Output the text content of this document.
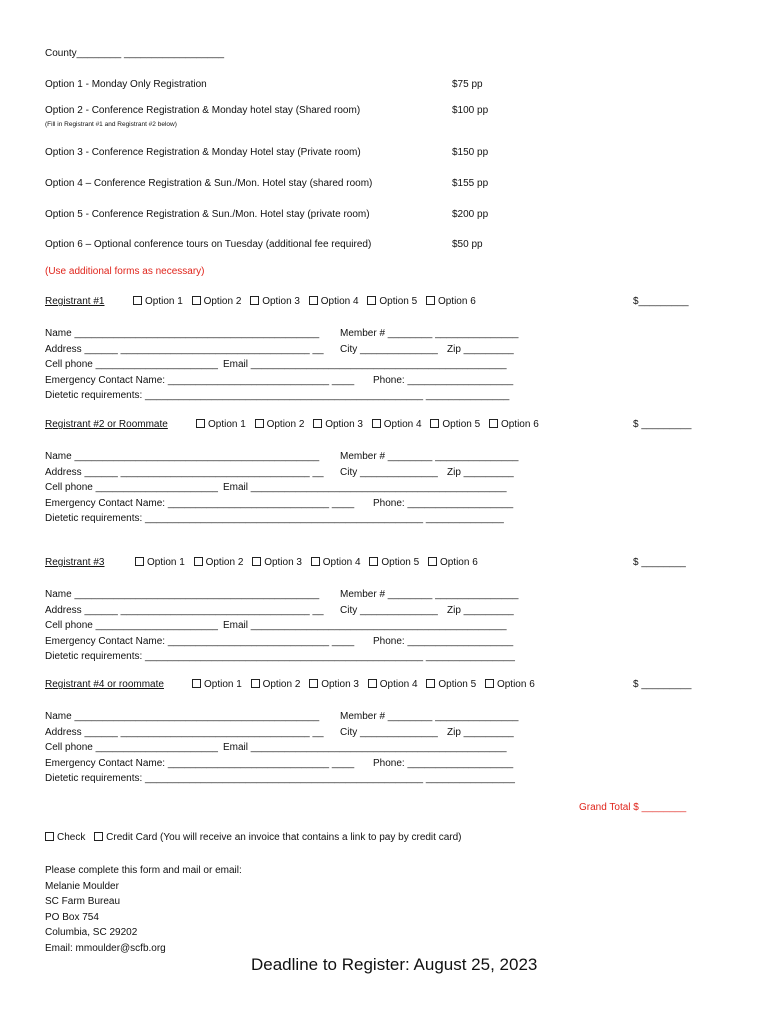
County________ __________________
Option 1 - Monday Only Registration	$75 pp
Option 2 - Conference Registration & Monday hotel stay (Shared room)	$100 pp
(Fill in Registrant #1 and Registrant #2 below)
Option 3 - Conference Registration & Monday Hotel stay (Private room)	$150 pp
Option 4 – Conference Registration & Sun./Mon. Hotel stay (shared room)	$155 pp
Option 5 - Conference Registration & Sun./Mon. Hotel stay (private room)	$200 pp
Option 6 – Optional conference tours on Tuesday (additional fee required)	$50 pp
(Use additional forms as necessary)
Registrant #1	Option 1 Option 2 Option 3 Option 4 Option 5 Option 6	$_________
Name ____________________________________________ Member # ________ _______________
Address ______ __________________________________ __ City ______________ Zip _________
Cell phone ______________________ Email ______________________________________________
Emergency Contact Name: _____________________________ ____ Phone: ___________________
Dietetic requirements: __________________________________________________ _______________
Registrant #2 or Roommate	Option 1 Option 2 Option 3 Option 4 Option 5 Option 6	$ _________
Name ____________________________________________ Member # ________ _______________
Address ______ __________________________________ __ City ______________ Zip _________
Cell phone ______________________ Email ______________________________________________
Emergency Contact Name: _____________________________ ____ Phone: ___________________
Dietetic requirements: __________________________________________________ ______________
Registrant #3	Option 1 Option 2 Option 3 Option 4 Option 5 Option 6	$ ________
Name ____________________________________________ Member # ________ _______________
Address ______ __________________________________ __ City ______________ Zip _________
Cell phone ______________________ Email ______________________________________________
Emergency Contact Name: _____________________________ ____ Phone: ___________________
Dietetic requirements: __________________________________________________ ________________
Registrant #4 or roommate	Option 1 Option 2 Option 3 Option 4 Option 5 Option 6	$ _________
Name ____________________________________________ Member # ________ _______________
Address ______ __________________________________ __ City ______________ Zip _________
Cell phone ______________________ Email ______________________________________________
Emergency Contact Name: _____________________________ ____ Phone: ___________________
Dietetic requirements: __________________________________________________ ________________
Grand Total $ ________
Check Credit Card (You will receive an invoice that contains a link to pay by credit card)
Please complete this form and mail or email:
Melanie Moulder
SC Farm Bureau
PO Box 754
Columbia, SC 29202
Email: mmoulder@scfb.org
Deadline to Register: August 25, 2023
